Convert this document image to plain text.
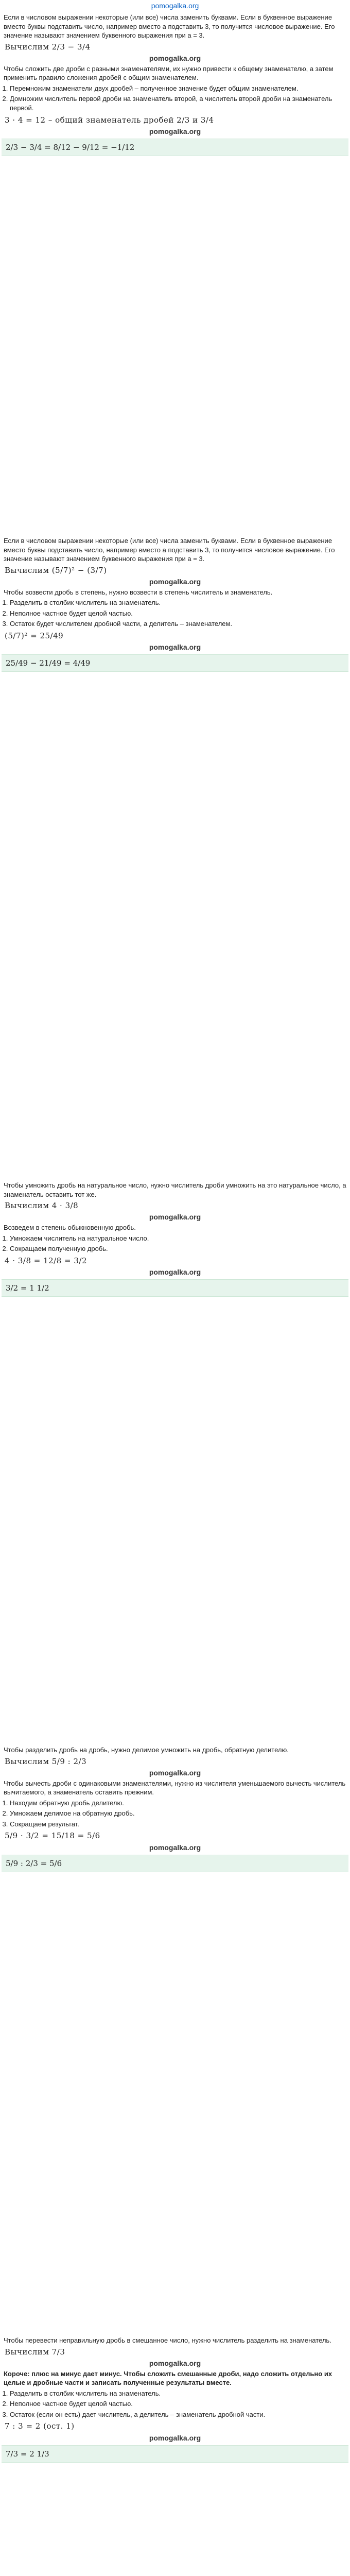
pomogalka.org
Если в числовом выражении некоторые (или все) числа заменить буквами. Если в буквенное выражение вместо буквы подставить число, например вместо a подставить 3, то получится числовое выражение. Его значение называют значением буквенного выражения при a = 3.
Вычислим 2/3 − 3/4
pomogalka.org
Чтобы сложить две дроби с разными знаменателями, их нужно привести к общему знаменателю, а затем применить правило сложения дробей с общим знаменателем.
1. Перемножим знаменатели двух дробей – полученное значение будет общим знаменателем.
2. Домножим числитель первой дроби на знаменатель второй, а числитель второй дроби на знаменатель первой.
3 · 4 = 12 – общий знаменатель дробей 2/3 и 3/4
pomogalka.org
2/3 − 3/4 = 8/12 − 9/12 = −1/12
Если в числовом выражении некоторые (или все) числа заменить буквами. Если в буквенное выражение вместо буквы подставить число, например вместо a подставить 3, то получится числовое выражение. Его значение называют значением буквенного выражения при a = 3.
Вычислим (5/7)² − (3/7)
pomogalka.org
Чтобы возвести дробь в степень, нужно возвести в степень числитель и знаменатель.
1. Разделить в столбик числитель на знаменатель.
2. Неполное частное будет целой частью.
3. Остаток будет числителем дробной части, а делитель – знаменателем.
(5/7)² = 25/49
pomogalka.org
25/49 − 21/49 = 4/49
Чтобы умножить дробь на натуральное число, нужно числитель дроби умножить на это натуральное число, а знаменатель оставить тот же.
Вычислим 4 · 3/8
pomogalka.org
Возведем в степень обыкновенную дробь.
1. Умножаем числитель на натуральное число.
2. Сокращаем полученную дробь.
4 · 3/8 = 12/8 = 3/2
pomogalka.org
3/2 = 1 1/2
Чтобы разделить дробь на дробь, нужно делимое умножить на дробь, обратную делителю.
Вычислим 5/9 : 2/3
pomogalka.org
Чтобы вычесть дроби с одинаковыми знаменателями, нужно из числителя уменьшаемого вычесть числитель вычитаемого, а знаменатель оставить прежним.
1. Находим обратную дробь делителю.
2. Умножаем делимое на обратную дробь.
3. Сокращаем результат.
5/9 · 3/2 = 15/18 = 5/6
pomogalka.org
5/9 : 2/3 = 5/6
Чтобы перевести неправильную дробь в смешанное число, нужно числитель разделить на знаменатель.
Вычислим 7/3
pomogalka.org
Короче: плюс на минус дает минус. Чтобы сложить смешанные дроби, надо сложить отдельно их целые и дробные части и записать полученные результаты вместе.
1. Разделить в столбик числитель на знаменатель.
2. Неполное частное будет целой частью.
3. Остаток (если он есть) дает числитель, а делитель – знаменатель дробной части.
7 : 3 = 2 (ост. 1)
pomogalka.org
7/3 = 2 1/3
